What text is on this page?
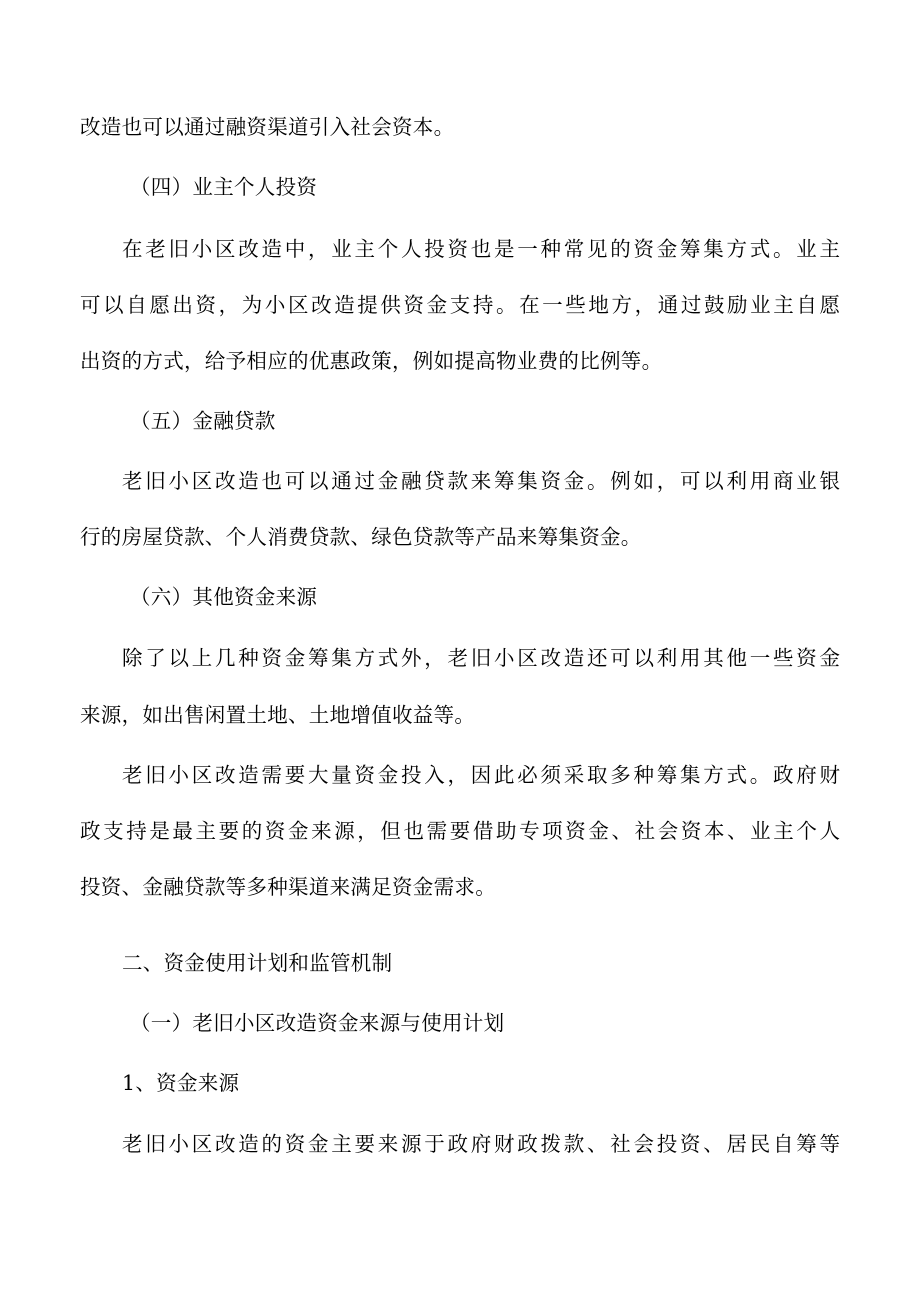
改造也可以通过融资渠道引入社会资本。
（四）业主个人投资
在老旧小区改造中，业主个人投资也是一种常见的资金筹集方式。业主
可以自愿出资，为小区改造提供资金支持。在一些地方，通过鼓励业主自愿
出资的方式，给予相应的优惠政策，例如提高物业费的比例等。
（五）金融贷款
老旧小区改造也可以通过金融贷款来筹集资金。例如，可以利用商业银
行的房屋贷款、个人消费贷款、绿色贷款等产品来筹集资金。
（六）其他资金来源
除了以上几种资金筹集方式外，老旧小区改造还可以利用其他一些资金
来源，如出售闲置土地、土地增值收益等。
老旧小区改造需要大量资金投入，因此必须采取多种筹集方式。政府财
政支持是最主要的资金来源，但也需要借助专项资金、社会资本、业主个人
投资、金融贷款等多种渠道来满足资金需求。
二、资金使用计划和监管机制
（一）老旧小区改造资金来源与使用计划
1、资金来源
老旧小区改造的资金主要来源于政府财政拨款、社会投资、居民自筹等
